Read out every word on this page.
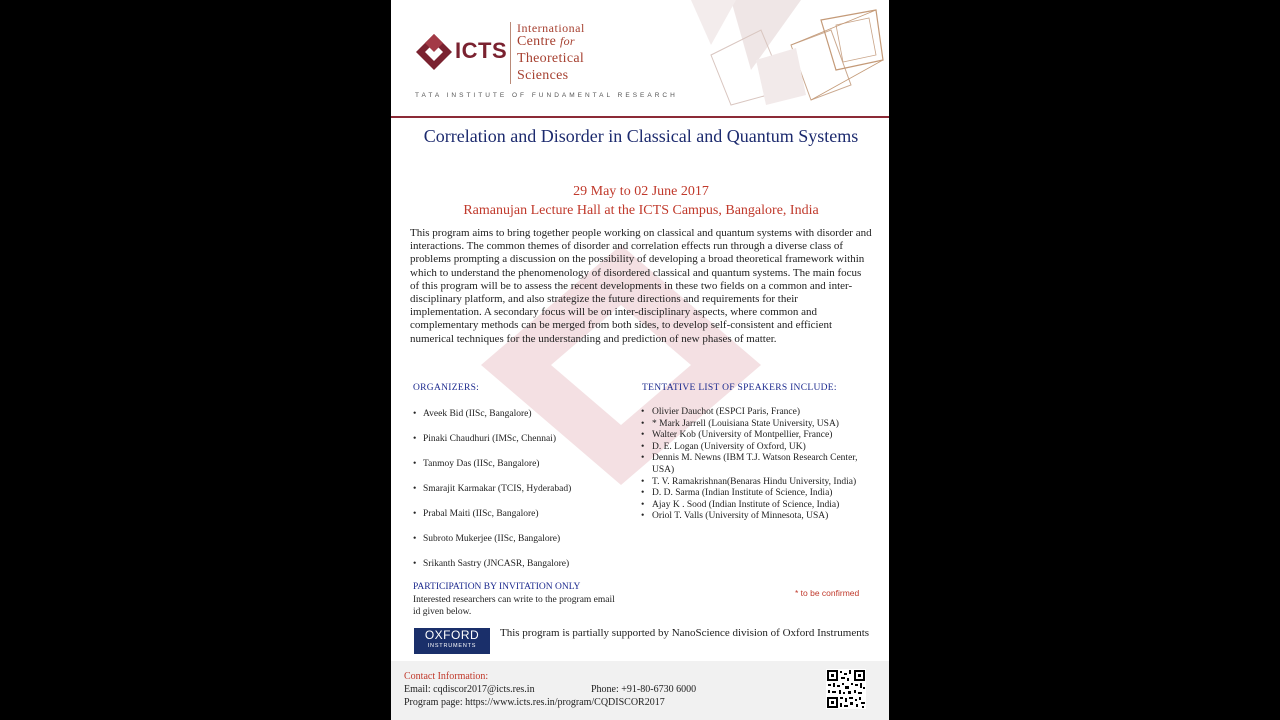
ICTS
International
Centre for
Theoretical
Sciences
TATA INSTITUTE OF FUNDAMENTAL RESEARCH
Correlation and Disorder in Classical and Quantum Systems
29 May to 02 June 2017
Ramanujan Lecture Hall at the ICTS Campus, Bangalore, India
This program aims to bring together people working on classical and quantum systems with disorder and interactions. The common themes of disorder and correlation effects run through a diverse class of problems prompting a discussion on the possibility of developing a broad theoretical framework within which to understand the phenomenology of disordered classical and quantum systems. The main focus of this program will be to assess the recent developments in these two fields on a common and inter-disciplinary platform, and also strategize the future directions and requirements for their implementation. A secondary focus will be on inter-disciplinary aspects, where common and complementary methods can be merged from both sides, to develop self-consistent and efficient numerical techniques for the understanding and prediction of new phases of matter.
ORGANIZERS:
• Aveek Bid (IISc, Bangalore)
• Pinaki Chaudhuri (IMSc, Chennai)
• Tanmoy Das (IISc, Bangalore)
• Smarajit Karmakar (TCIS, Hyderabad)
• Prabal Maiti (IISc, Bangalore)
• Subroto Mukerjee (IISc, Bangalore)
• Srikanth Sastry (JNCASR, Bangalore)
TENTATIVE LIST OF SPEAKERS INCLUDE:
• Olivier Dauchot (ESPCI Paris, France)
• * Mark Jarrell (Louisiana State University, USA)
• Walter Kob (University of Montpellier, France)
• D. E. Logan (University of Oxford, UK)
• Dennis M. Newns (IBM T.J. Watson Research Center, USA)
• T. V. Ramakrishnan(Benaras Hindu University, India)
• D. D. Sarma (Indian Institute of Science, India)
• Ajay K . Sood (Indian Institute of Science, India)
• Oriol T. Valls (University of Minnesota, USA)
* to be confirmed
PARTICIPATION BY INVITATION ONLY
Interested researchers can write to the program email id given below.
OXFORD
INSTRUMENTS
This program is partially supported by NanoScience division of Oxford Instruments
Contact Information:
Email: cqdiscor2017@icts.res.in	Phone: +91-80-6730 6000
Program page: https://www.icts.res.in/program/CQDISCOR2017
